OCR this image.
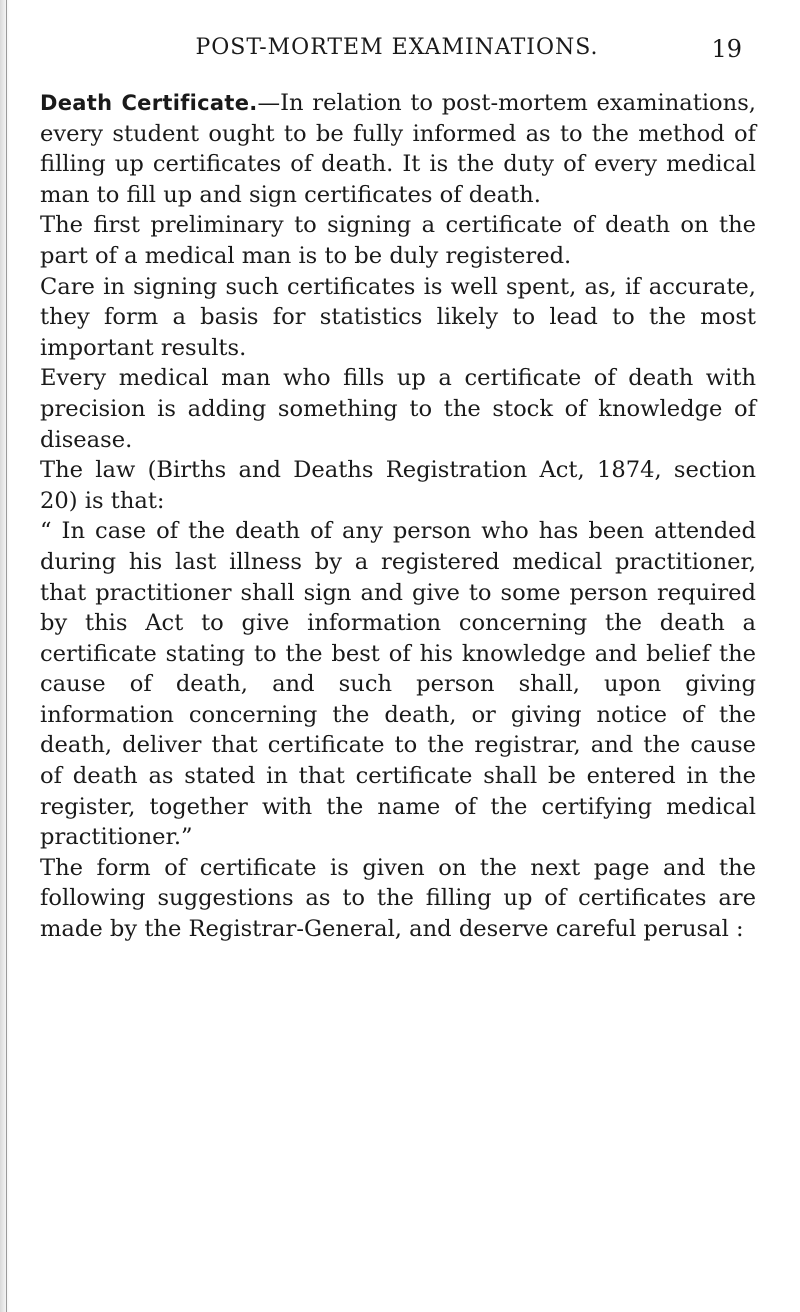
POST-MORTEM EXAMINATIONS.	19

Death Certificate.—In relation to post-mortem examinations, every student ought to be fully informed as to the method of filling up certificates of death. It is the duty of every medical man to fill up and sign certificates of death.

The first preliminary to signing a certificate of death on the part of a medical man is to be duly registered.

Care in signing such certificates is well spent, as, if accurate, they form a basis for statistics likely to lead to the most important results.

Every medical man who fills up a certificate of death with precision is adding something to the stock of knowledge of disease.

The law (Births and Deaths Registration Act, 1874, section 20) is that:

“ In case of the death of any person who has been attended during his last illness by a registered medical practitioner, that practitioner shall sign and give to some person required by this Act to give information concerning the death a certificate stating to the best of his knowledge and belief the cause of death, and such person shall, upon giving information concerning the death, or giving notice of the death, deliver that certificate to the registrar, and the cause of death as stated in that certificate shall be entered in the register, together with the name of the certifying medical practitioner.”

The form of certificate is given on the next page and the following suggestions as to the filling up of certificates are made by the Registrar-General, and deserve careful perusal :
